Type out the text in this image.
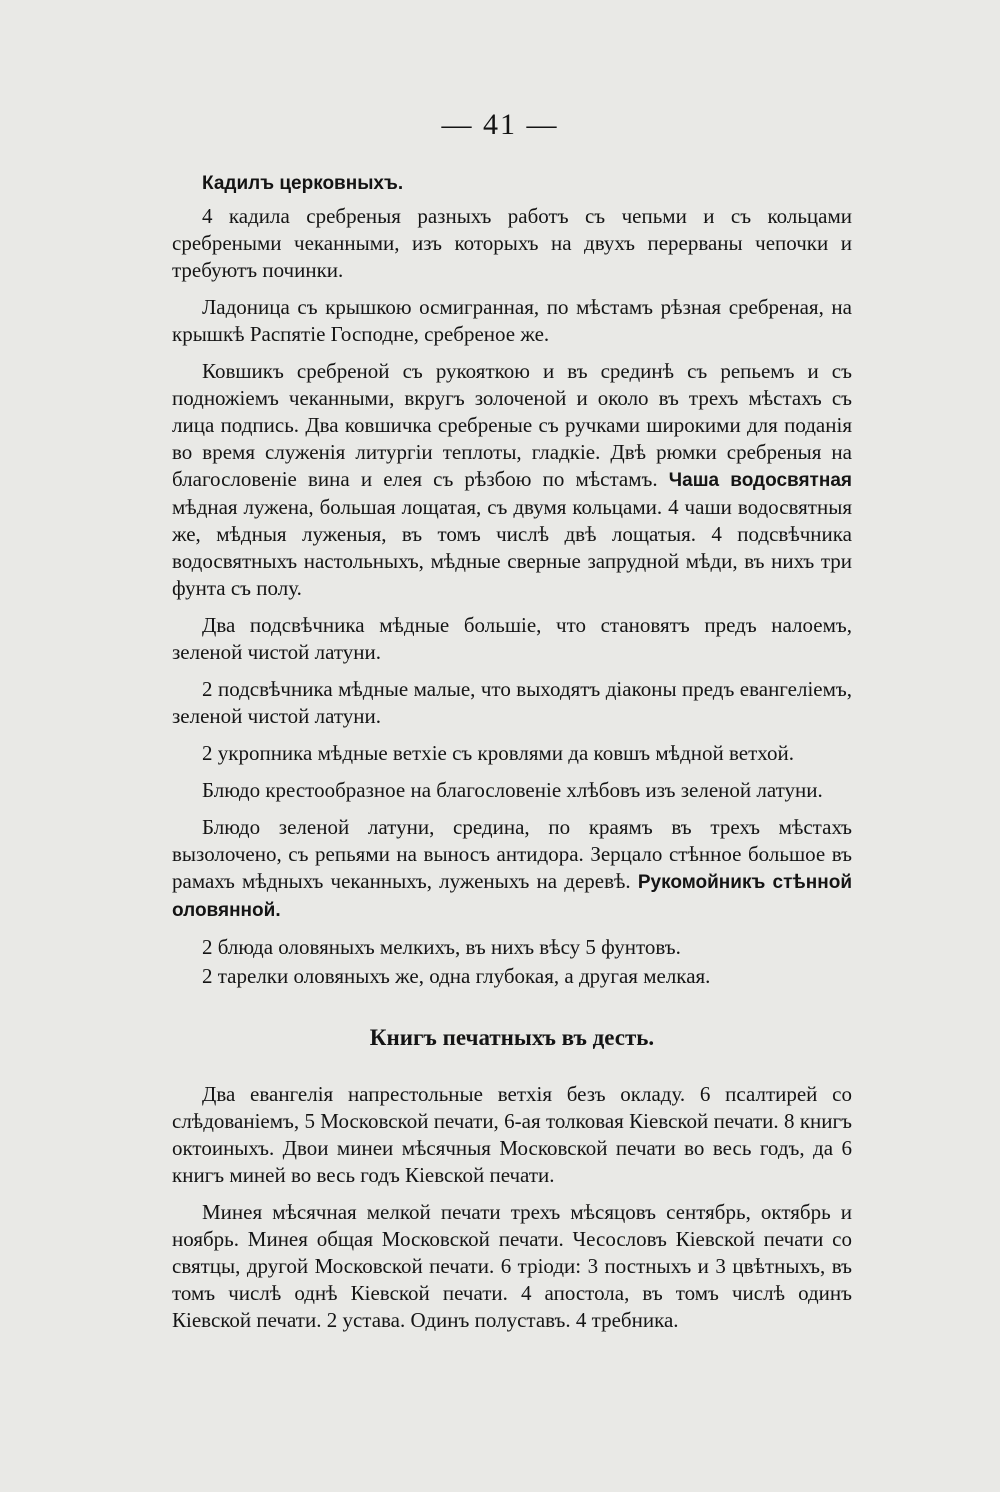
— 41 —

Кадилъ церковныхъ.

4 кадила сребреныя разныхъ работъ съ чепьми и съ кольцами сребреными чеканными, изъ которыхъ на двухъ перерваны чепочки и требуютъ починки.

Ладоница съ крышкою осмигранная, по мѣстамъ рѣзная сребреная, на крышкѣ Распятіе Господне, сребреное же.

Ковшикъ сребреной съ рукояткою и въ срединѣ съ репьемъ и съ подножіемъ чеканными, вкругъ золоченой и около въ трехъ мѣстахъ съ лица подпись. Два ковшичка сребреные съ ручками широкими для поданія во время служенія литургіи теплоты, гладкіе. Двѣ рюмки сребреныя на благословеніе вина и елея съ рѣзбою по мѣстамъ. Чаша водосвятная мѣдная лужена, большая лощатая, съ двумя кольцами. 4 чаши водосвятныя же, мѣдныя луженыя, въ томъ числѣ двѣ лощатыя. 4 подсвѣчника водосвятныхъ настольныхъ, мѣдные сверные запрудной мѣди, въ нихъ три фунта съ полу.

Два подсвѣчника мѣдные большіе, что становятъ предъ налоемъ, зеленой чистой латуни.

2 подсвѣчника мѣдные малые, что выходятъ діаконы предъ евангеліемъ, зеленой чистой латуни.

2 укропника мѣдные ветхіе съ кровлями да ковшъ мѣдной ветхой.

Блюдо крестообразное на благословеніе хлѣбовъ изъ зеленой латуни.

Блюдо зеленой латуни, средина, по краямъ въ трехъ мѣстахъ вызолочено, съ репьями на выносъ антидора. Зерцало стѣнное большое въ рамахъ мѣдныхъ чеканныхъ, луженыхъ на деревѣ. Рукомойникъ стѣнной оловянной.

2 блюда оловяныхъ мелкихъ, въ нихъ вѣсу 5 фунтовъ.

2 тарелки оловяныхъ же, одна глубокая, а другая мелкая.

Книгъ печатныхъ въ десть.

Два евангелія напрестольные ветхія безъ окладу. 6 псалтирей со слѣдованіемъ, 5 Московской печати, 6-ая толковая Кіевской печати. 8 книгъ октоиныхъ. Двои минеи мѣсячныя Московской печати во весь годъ, да 6 книгъ миней во весь годъ Кіевской печати.

Минея мѣсячная мелкой печати трехъ мѣсяцовъ сентябрь, октябрь и ноябрь. Минея общая Московской печати. Чесословъ Кіевской печати со святцы, другой Московской печати. 6 тріоди: 3 постныхъ и 3 цвѣтныхъ, въ томъ числѣ однѣ Кіевской печати. 4 апостола, въ томъ числѣ одинъ Кіевской печати. 2 устава. Одинъ полуставъ. 4 требника.
